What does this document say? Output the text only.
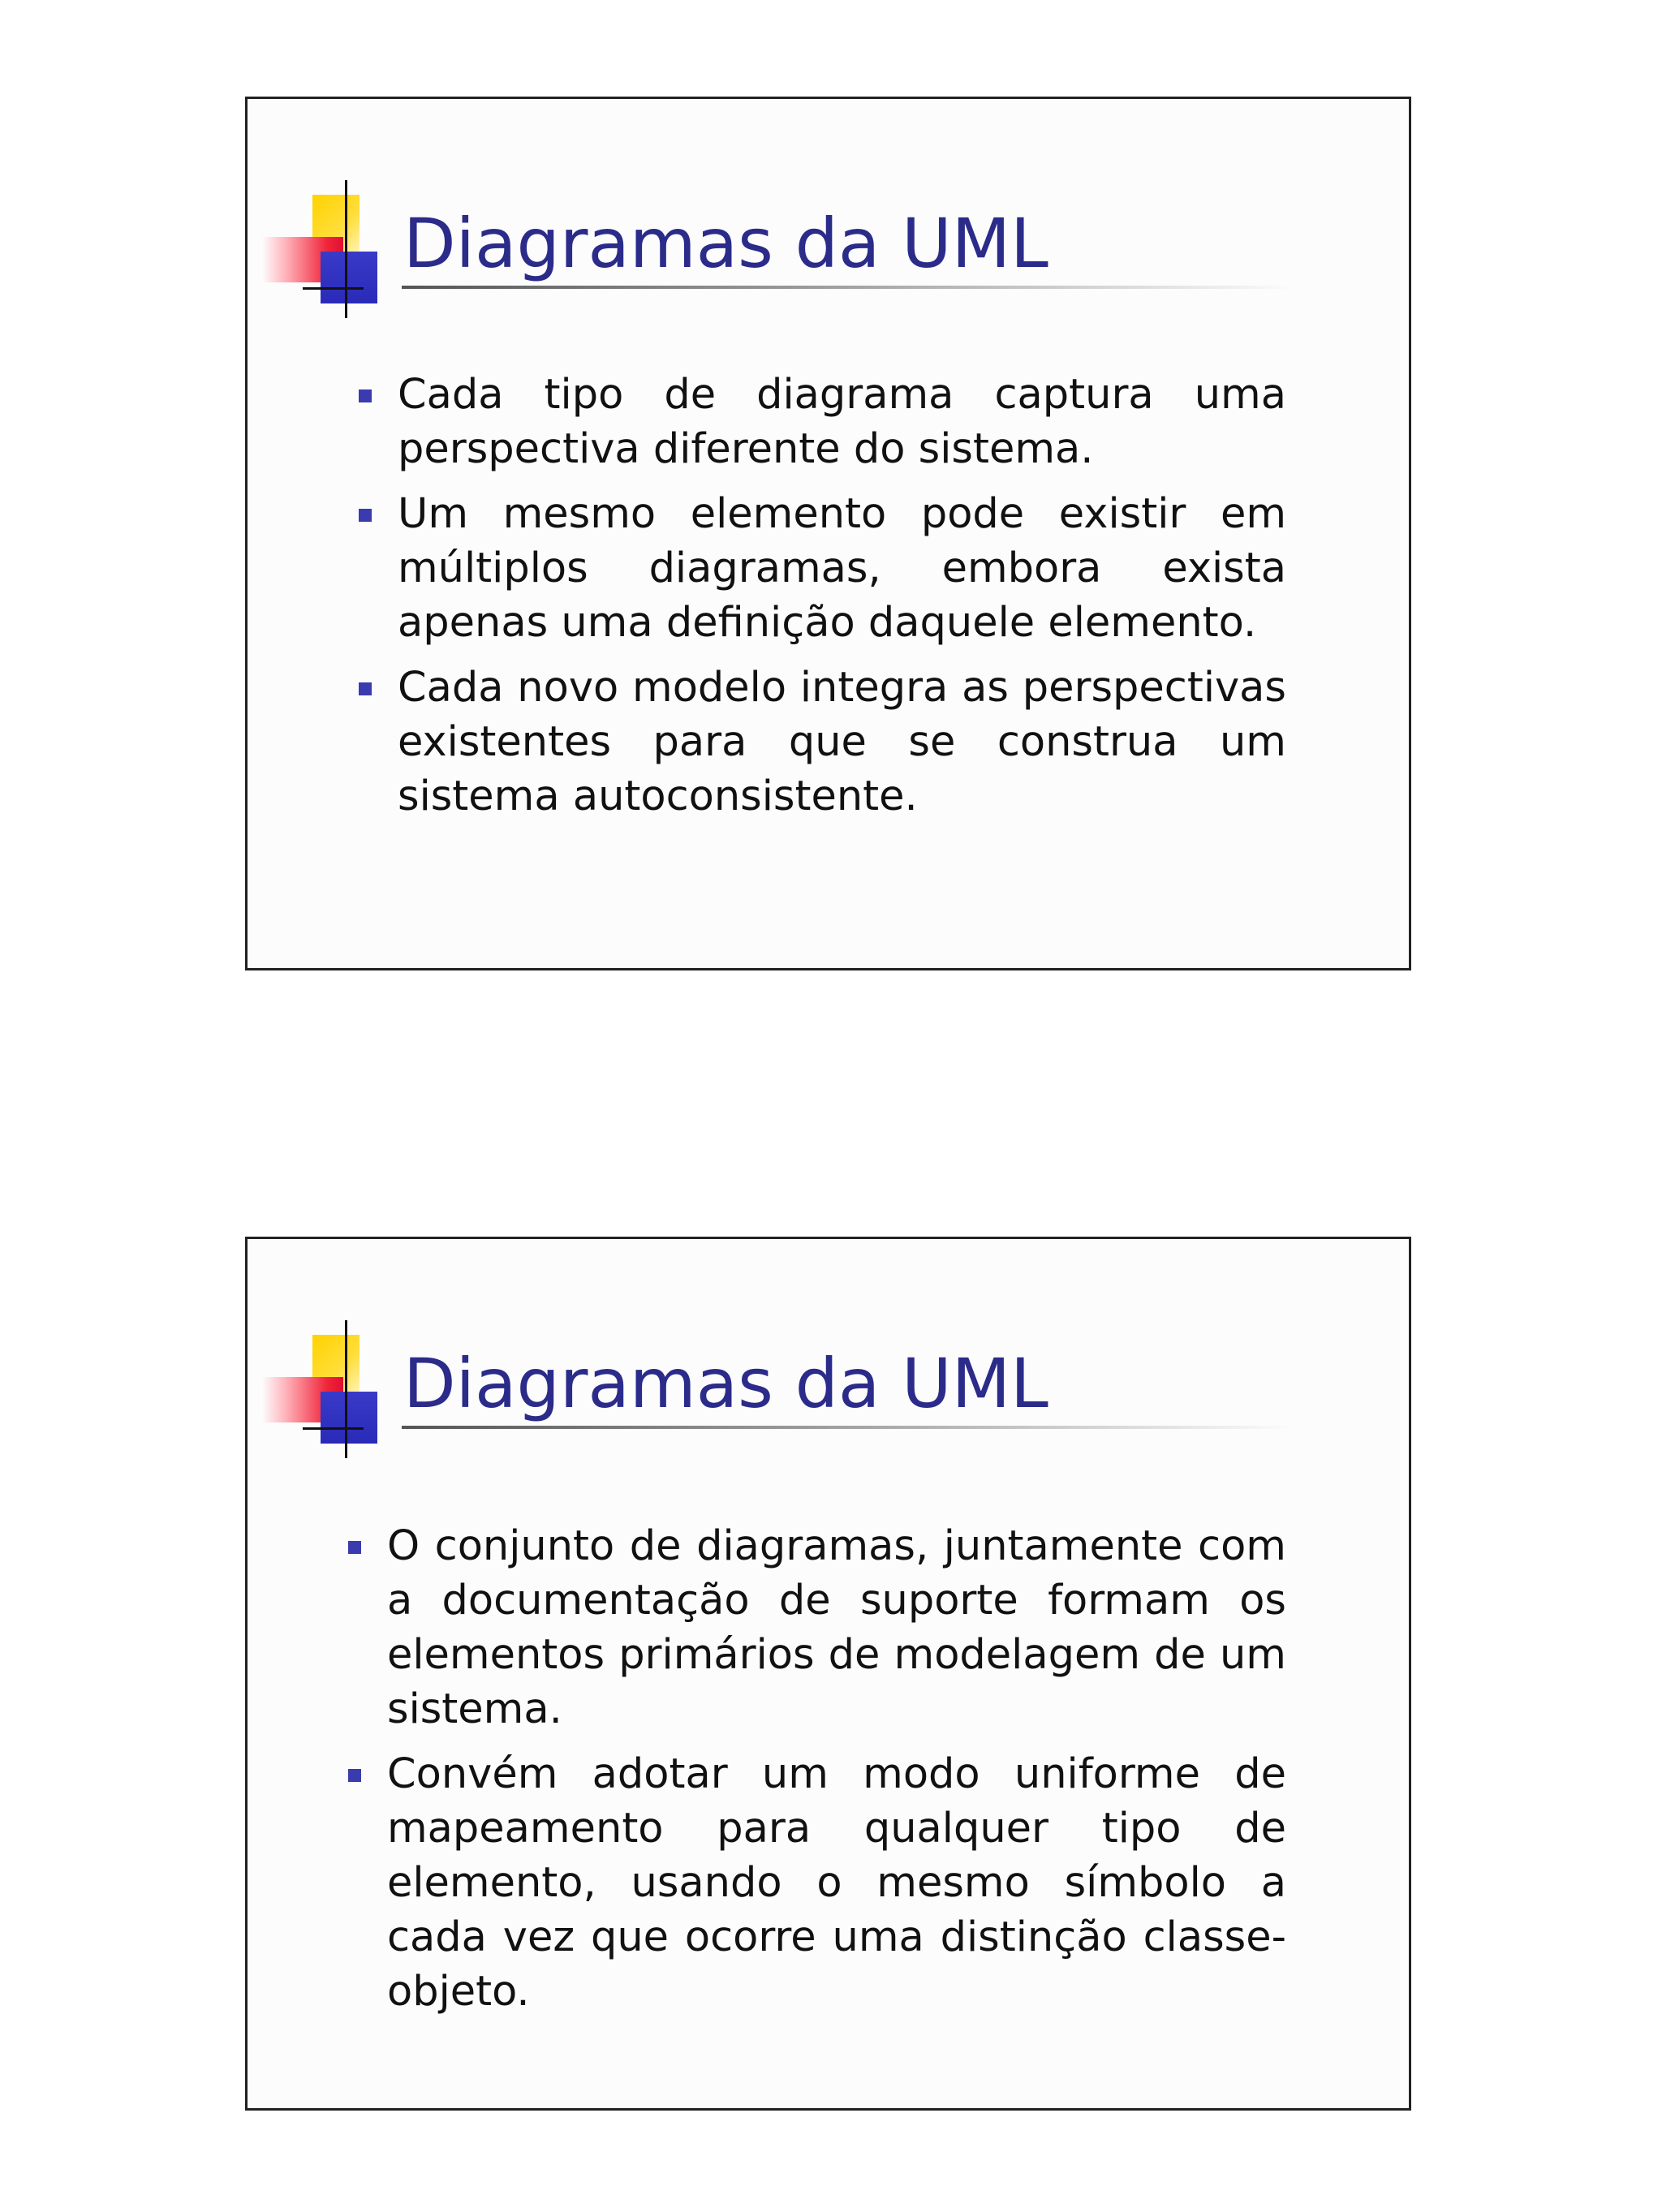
Diagramas da UML
Cada tipo de diagrama captura uma perspectiva diferente do sistema.
Um mesmo elemento pode existir em múltiplos diagramas, embora exista apenas uma definição daquele elemento.
Cada novo modelo integra as perspectivas existentes para que se construa um sistema autoconsistente.
Diagramas da UML
O conjunto de diagramas, juntamente com a documentação de suporte formam os elementos primários de modelagem de um sistema.
Convém adotar um modo uniforme de mapeamento para qualquer tipo de elemento, usando o mesmo símbolo a cada vez que ocorre uma distinção classe-objeto.
